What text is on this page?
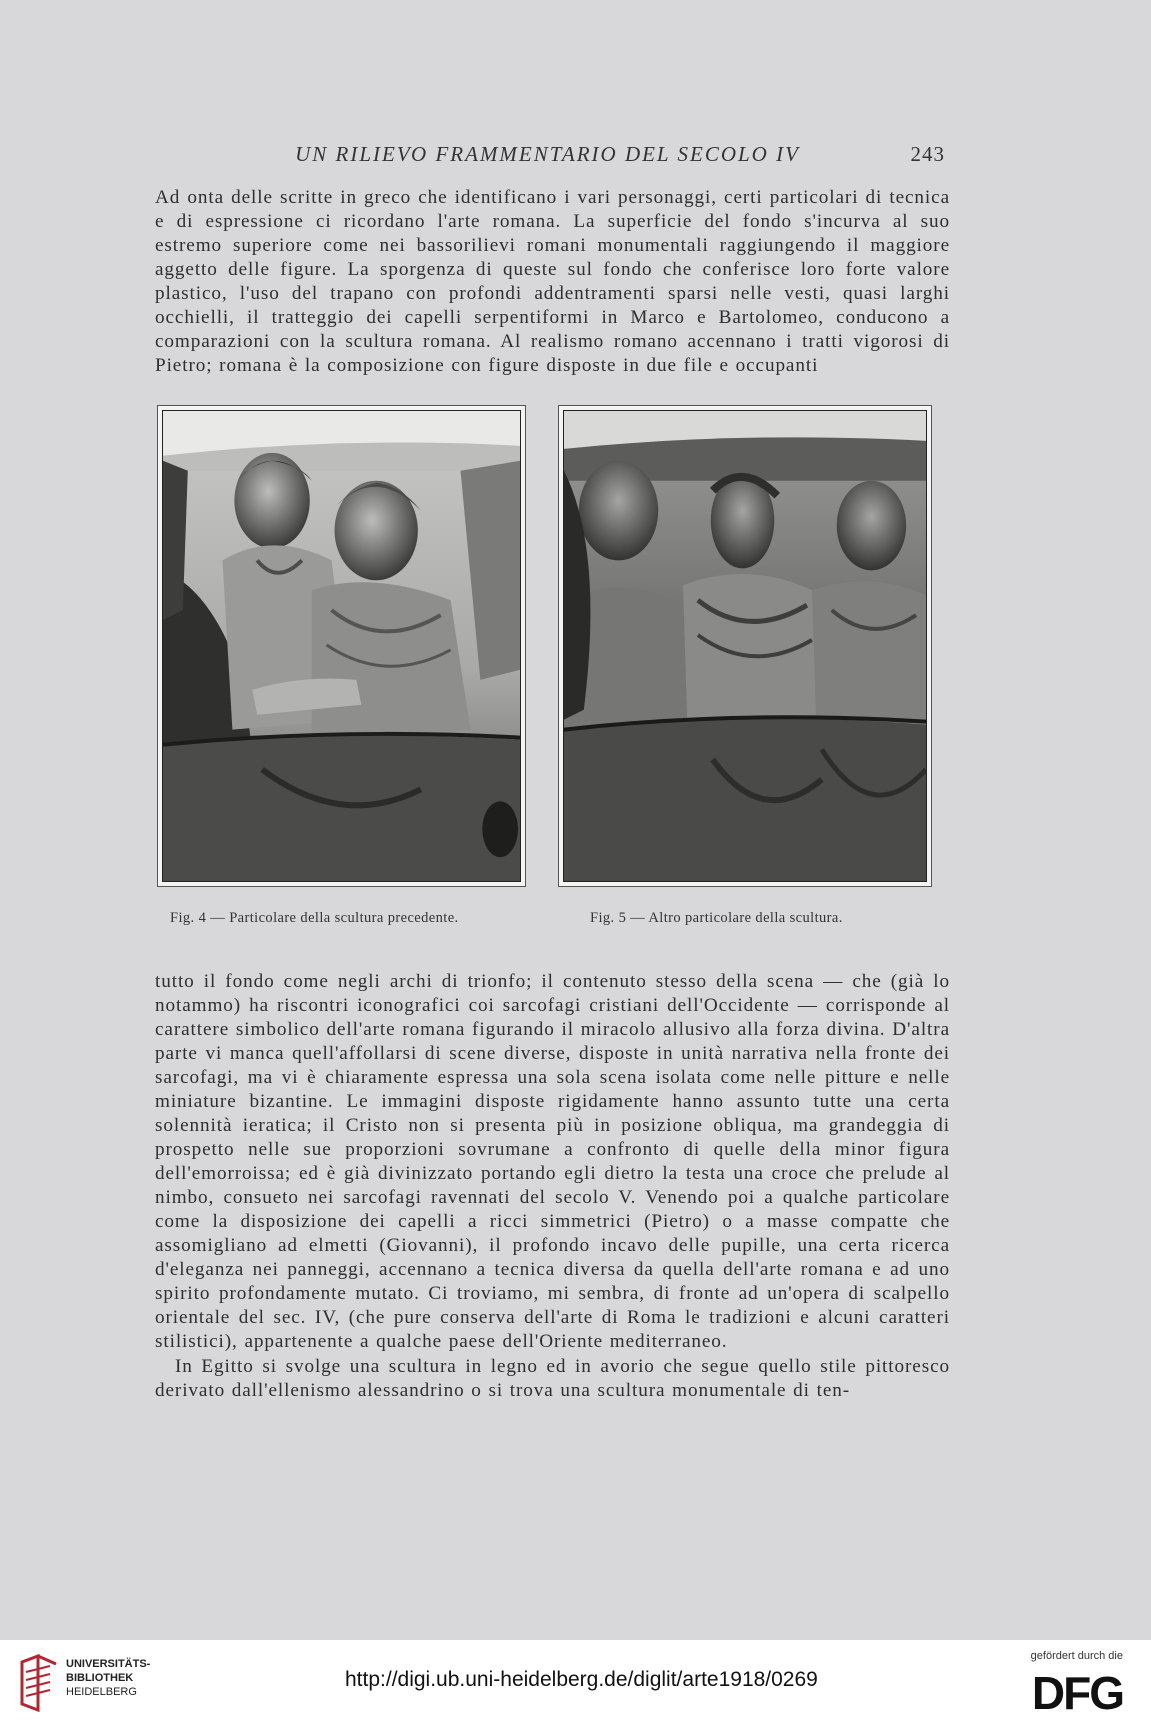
UN RILIEVO FRAMMENTARIO DEL SECOLO IV	243

Ad onta delle scritte in greco che identificano i vari personaggi, certi particolari di tecnica e di espressione ci ricordano l'arte romana. La superficie del fondo s'incurva al suo estremo superiore come nei bassorilievi romani monumentali raggiungendo il maggiore aggetto delle figure. La sporgenza di queste sul fondo che conferisce loro forte valore plastico, l'uso del trapano con profondi addentramenti sparsi nelle vesti, quasi larghi occhielli, il tratteggio dei capelli serpentiformi in Marco e Bartolomeo, conducono a comparazioni con la scultura romana. Al realismo romano accennano i tratti vigorosi di Pietro; romana è la composizione con figure disposte in due file e occupanti

Fig. 4 — Particolare della scultura precedente.	Fig. 5 — Altro particolare della scultura.

tutto il fondo come negli archi di trionfo; il contenuto stesso della scena — che (già lo notammo) ha riscontri iconografici coi sarcofagi cristiani dell'Occidente — corrisponde al carattere simbolico dell'arte romana figurando il miracolo allusivo alla forza divina. D'altra parte vi manca quell'affollarsi di scene diverse, disposte in unità narrativa nella fronte dei sarcofagi, ma vi è chiaramente espressa una sola scena isolata come nelle pitture e nelle miniature bizantine. Le immagini disposte rigidamente hanno assunto tutte una certa solennità ieratica; il Cristo non si presenta più in posizione obliqua, ma grandeggia di prospetto nelle sue proporzioni sovrumane a confronto di quelle della minor figura dell'emorroissa; ed è già divinizzato portando egli dietro la testa una croce che prelude al nimbo, consueto nei sarcofagi ravennati del secolo V. Venendo poi a qualche particolare come la disposizione dei capelli a ricci simmetrici (Pietro) o a masse compatte che assomigliano ad elmetti (Giovanni), il profondo incavo delle pupille, una certa ricerca d'eleganza nei panneggi, accennano a tecnica diversa da quella dell'arte romana e ad uno spirito profondamente mutato. Ci troviamo, mi sembra, di fronte ad un'opera di scalpello orientale del sec. IV, (che pure conserva dell'arte di Roma le tradizioni e alcuni caratteri stilistici), appartenente a qualche paese dell'Oriente mediterraneo.

In Egitto si svolge una scultura in legno ed in avorio che segue quello stile pittoresco derivato dall'ellenismo alessandrino o si trova una scultura monumentale di ten-

UNIVERSITÄTS-
BIBLIOTHEK
HEIDELBERG
http://digi.ub.uni-heidelberg.de/diglit/arte1918/0269
gefördert durch die
DFG
